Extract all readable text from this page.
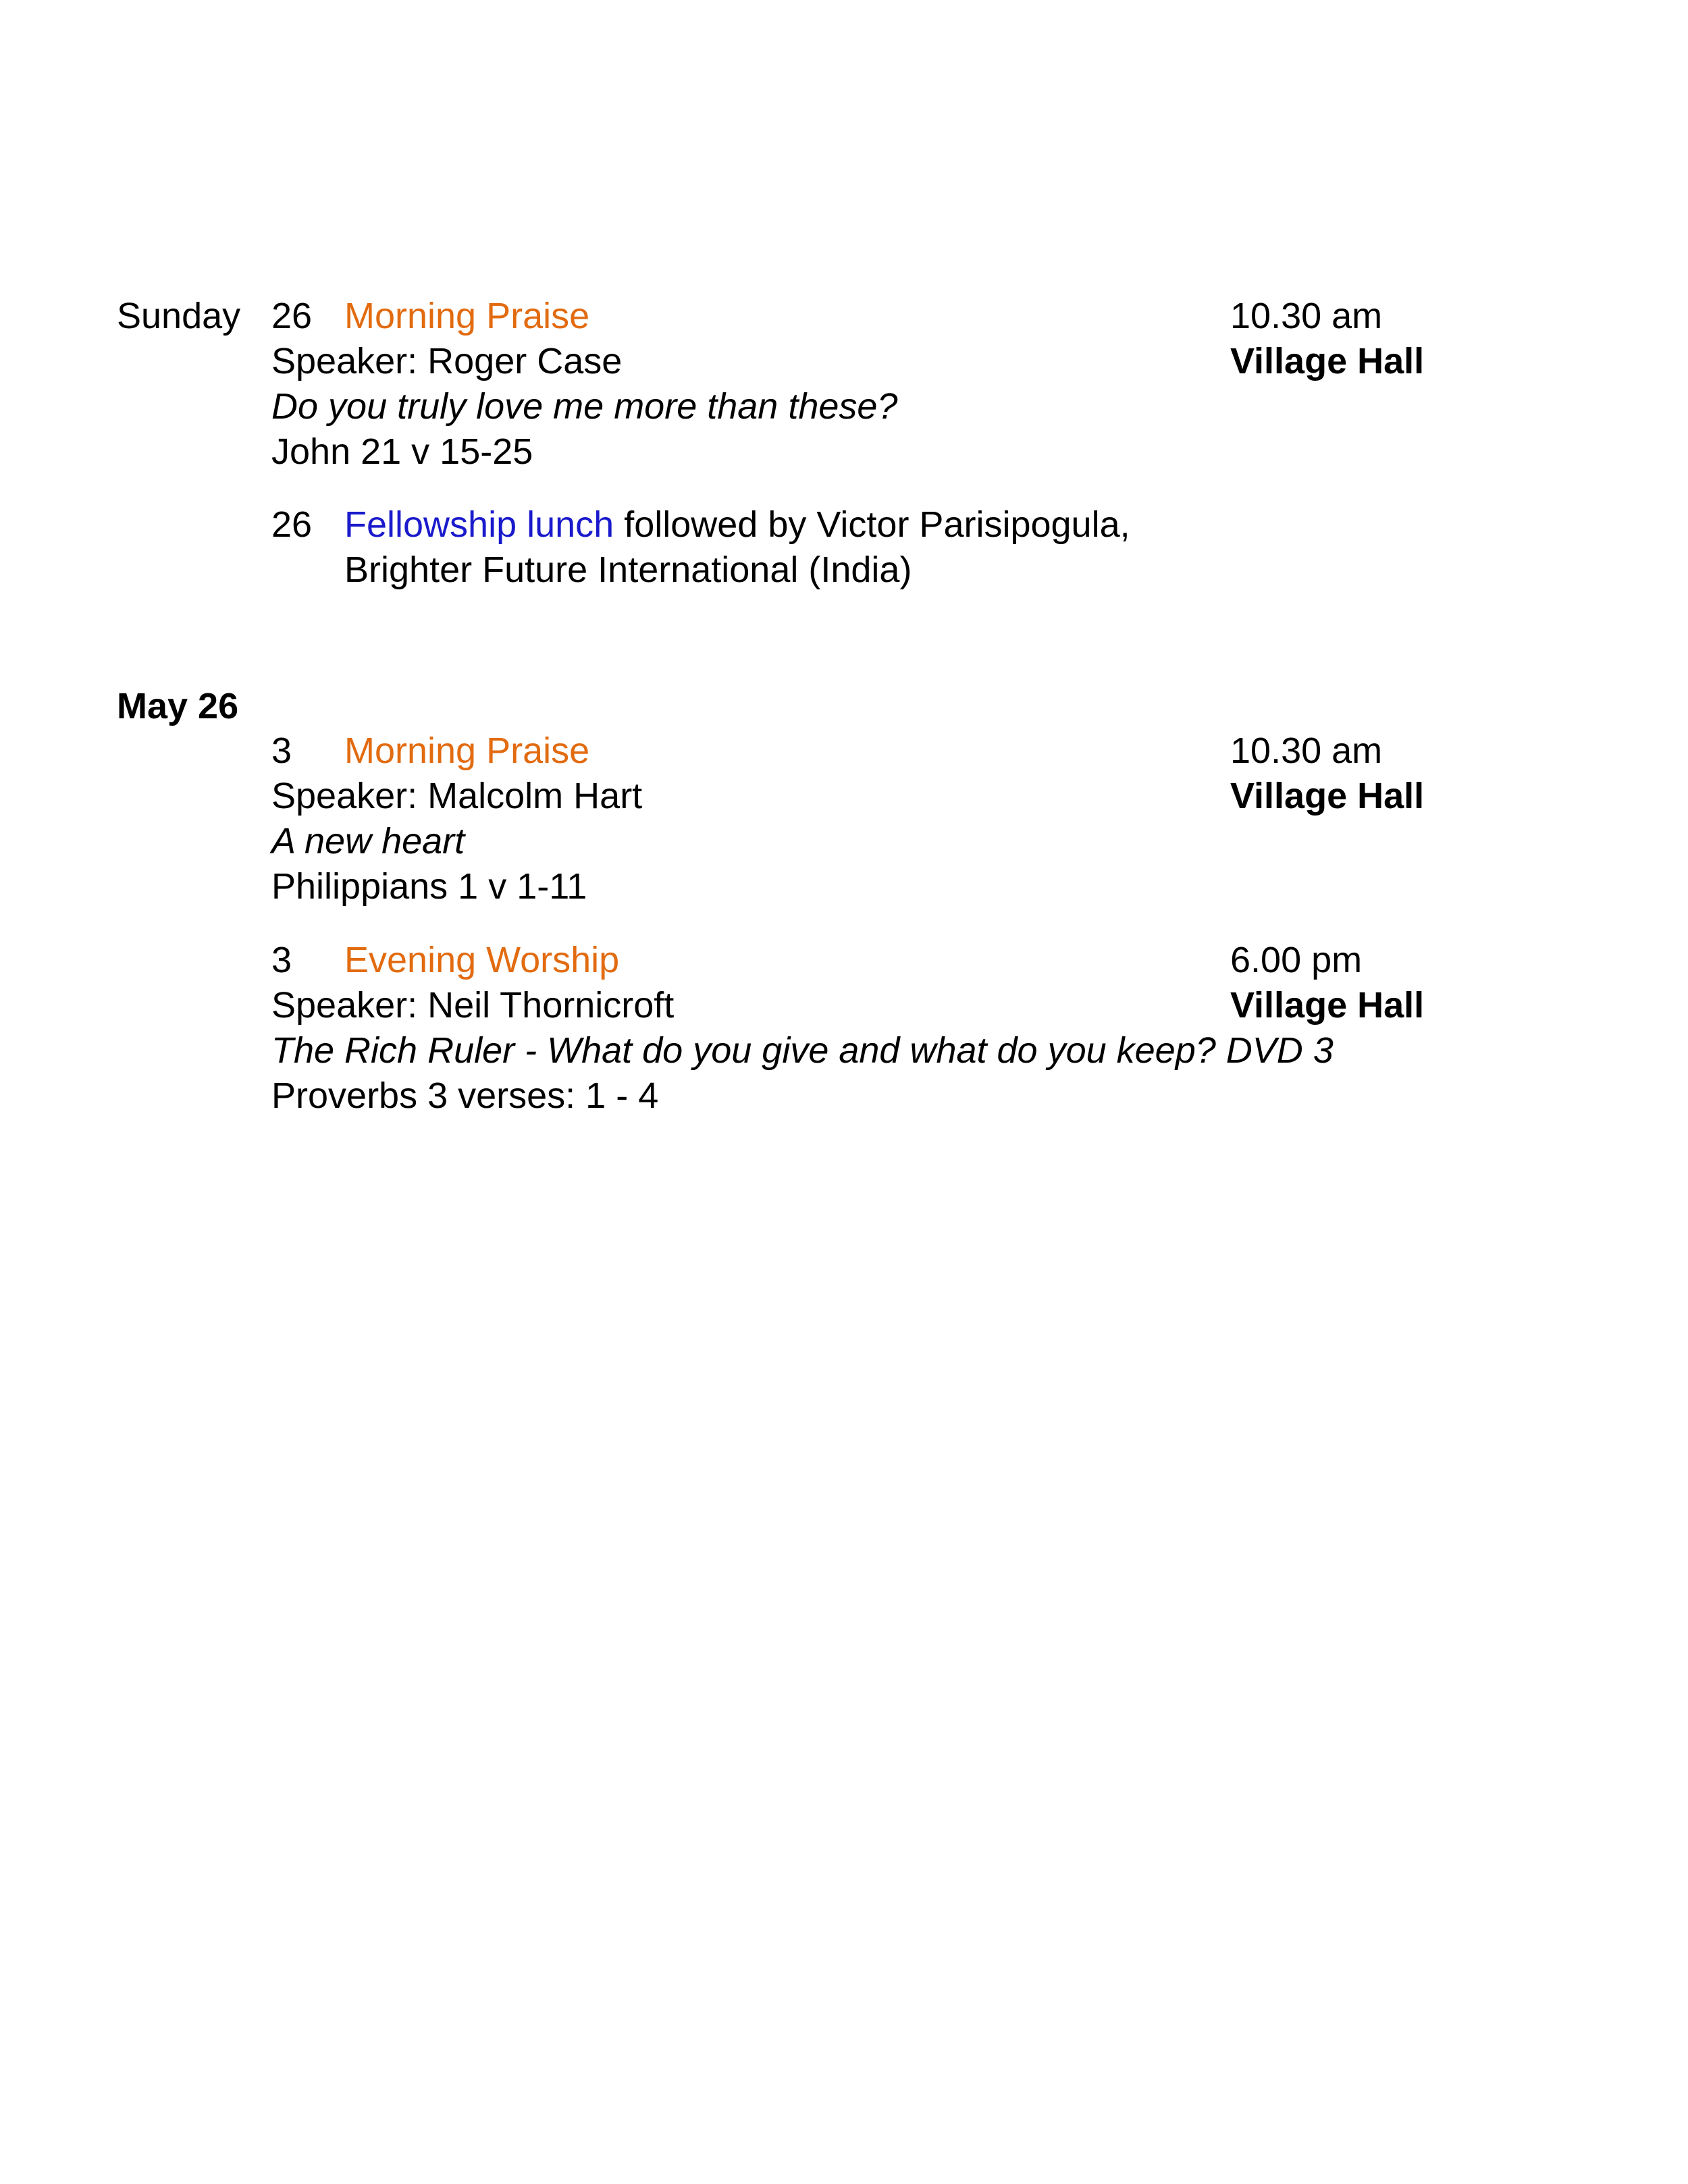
Sunday 26 Morning Praise	10.30 am
Speaker: Roger Case	Village Hall
Do you truly love me more than these?
John 21 v 15-25
26 Fellowship lunch followed by Victor Parisipogula,
Brighter Future International (India)
May 26
3 Morning Praise	10.30 am
Speaker: Malcolm Hart	Village Hall
A new heart
Philippians 1 v 1-11
3 Evening Worship	6.00 pm
Speaker: Neil Thornicroft	Village Hall
The Rich Ruler - What do you give and what do you keep? DVD 3
Proverbs 3 verses: 1 - 4
